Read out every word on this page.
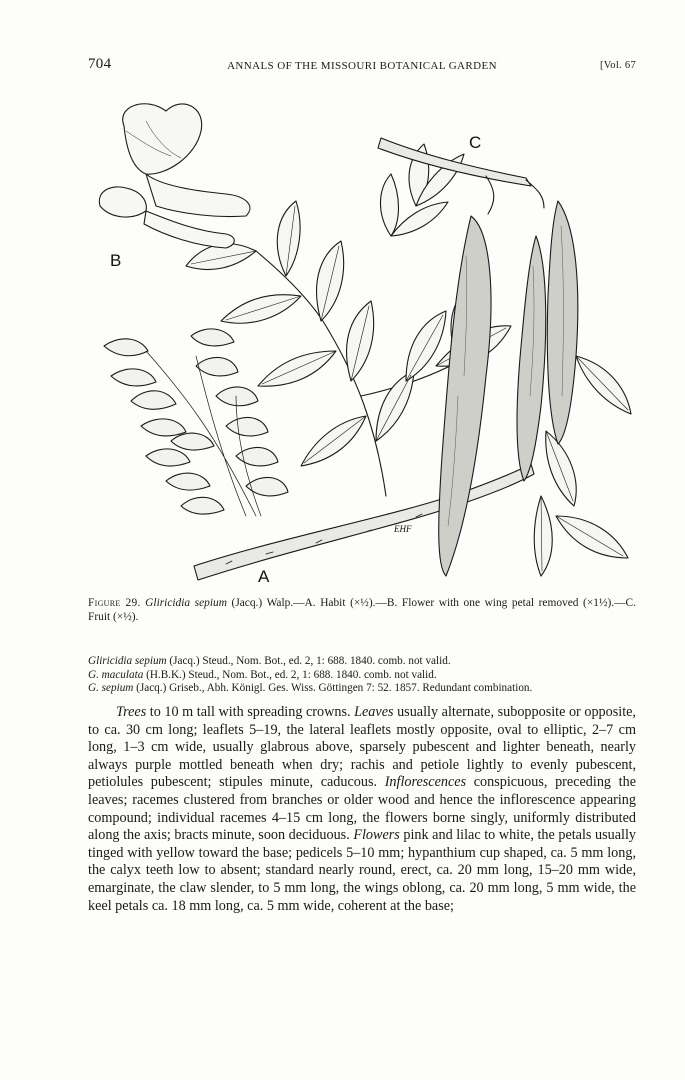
704	ANNALS OF THE MISSOURI BOTANICAL GARDEN	[Vol. 67
B
A
C
EHF
Figure 29. Gliricidia sepium (Jacq.) Walp.—A. Habit (×½).—B. Flower with one wing petal removed (×1½).—C. Fruit (×½).
Gliricidia sepium (Jacq.) Steud., Nom. Bot., ed. 2, 1: 688. 1840. comb. not valid.
G. maculata (H.B.K.) Steud., Nom. Bot., ed. 2, 1: 688. 1840. comb. not valid.
G. sepium (Jacq.) Griseb., Abh. Königl. Ges. Wiss. Göttingen 7: 52. 1857. Redundant combination.

Trees to 10 m tall with spreading crowns. Leaves usually alternate, subopposite or opposite, to ca. 30 cm long; leaflets 5–19, the lateral leaflets mostly opposite, oval to elliptic, 2–7 cm long, 1–3 cm wide, usually glabrous above, sparsely pubescent and lighter beneath, nearly always purple mottled beneath when dry; rachis and petiole lightly to evenly pubescent, petiolules pubescent; stipules minute, caducous. Inflorescences conspicuous, preceding the leaves; racemes clustered from branches or older wood and hence the inflorescence appearing compound; individual racemes 4–15 cm long, the flowers borne singly, uniformly distributed along the axis; bracts minute, soon deciduous. Flowers pink and lilac to white, the petals usually tinged with yellow toward the base; pedicels 5–10 mm; hypanthium cup shaped, ca. 5 mm long, the calyx teeth low to absent; standard nearly round, erect, ca. 20 mm long, 15–20 mm wide, emarginate, the claw slender, to 5 mm long, the wings oblong, ca. 20 mm long, 5 mm wide, the keel petals ca. 18 mm long, ca. 5 mm wide, coherent at the base;
